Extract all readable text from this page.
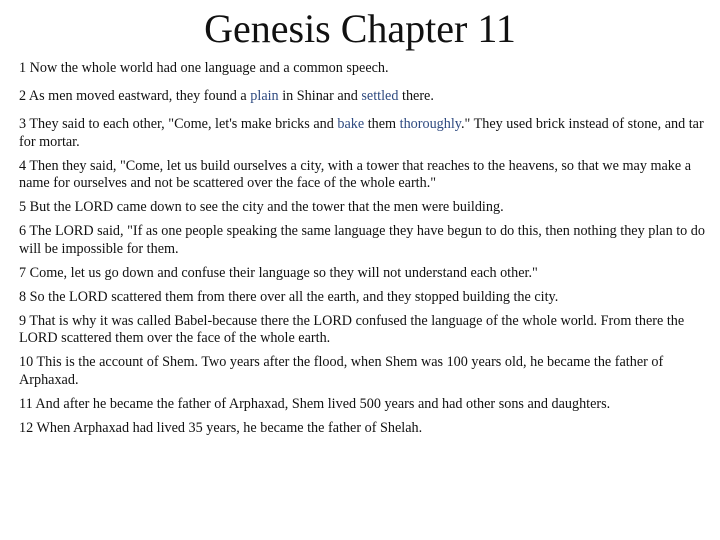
Genesis Chapter 11

1 Now the whole world had one language and a common speech.

2 As men moved eastward, they found a plain in Shinar and settled there.

3 They said to each other, "Come, let's make bricks and bake them thoroughly." They used brick instead of stone, and tar for mortar.

4 Then they said, "Come, let us build ourselves a city, with a tower that reaches to the heavens, so that we may make a name for ourselves and not be scattered over the face of the whole earth."

5 But the LORD came down to see the city and the tower that the men were building.

6 The LORD said, "If as one people speaking the same language they have begun to do this, then nothing they plan to do will be impossible for them.

7 Come, let us go down and confuse their language so they will not understand each other."

8 So the LORD scattered them from there over all the earth, and they stopped building the city.

9 That is why it was called Babel-because there the LORD confused the language of the whole world. From there the LORD scattered them over the face of the whole earth.

10 This is the account of Shem. Two years after the flood, when Shem was 100 years old, he became the father of Arphaxad.

11 And after he became the father of Arphaxad, Shem lived 500 years and had other sons and daughters.

12 When Arphaxad had lived 35 years, he became the father of Shelah.
